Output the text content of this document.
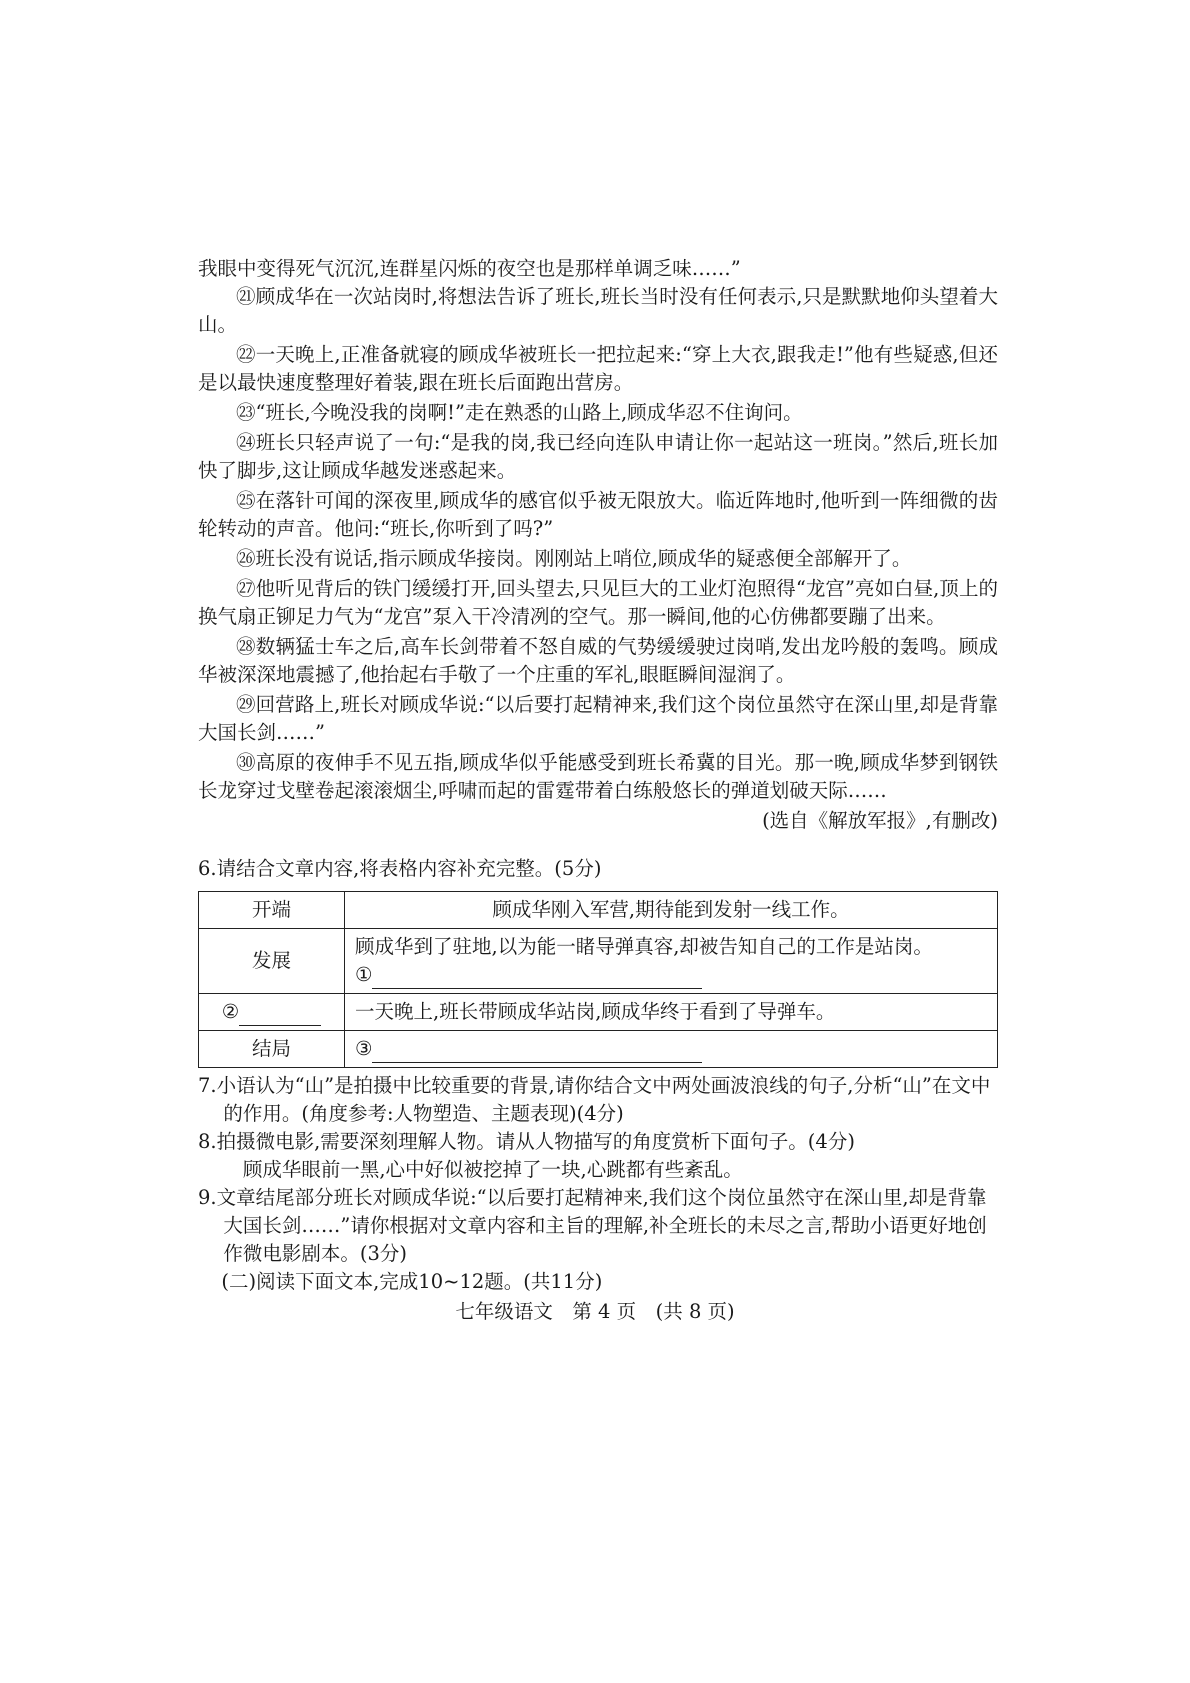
我眼中变得死气沉沉,连群星闪烁的夜空也是那样单调乏味……”

㉑顾成华在一次站岗时,将想法告诉了班长,班长当时没有任何表示,只是默默地仰头望着大山。

㉒一天晚上,正准备就寝的顾成华被班长一把拉起来:“穿上大衣,跟我走!”他有些疑惑,但还是以最快速度整理好着装,跟在班长后面跑出营房。

㉓“班长,今晚没我的岗啊!”走在熟悉的山路上,顾成华忍不住询问。

㉔班长只轻声说了一句:“是我的岗,我已经向连队申请让你一起站这一班岗。”然后,班长加快了脚步,这让顾成华越发迷惑起来。

㉕在落针可闻的深夜里,顾成华的感官似乎被无限放大。临近阵地时,他听到一阵细微的齿轮转动的声音。他问:“班长,你听到了吗?”

㉖班长没有说话,指示顾成华接岗。刚刚站上哨位,顾成华的疑惑便全部解开了。

㉗他听见背后的铁门缓缓打开,回头望去,只见巨大的工业灯泡照得“龙宫”亮如白昼,顶上的换气扇正铆足力气为“龙宫”泵入干冷清冽的空气。那一瞬间,他的心仿佛都要蹦了出来。

㉘数辆猛士车之后,高车长剑带着不怒自威的气势缓缓驶过岗哨,发出龙吟般的轰鸣。顾成华被深深地震撼了,他抬起右手敬了一个庄重的军礼,眼眶瞬间湿润了。

㉙回营路上,班长对顾成华说:“以后要打起精神来,我们这个岗位虽然守在深山里,却是背靠大国长剑……”

㉚高原的夜伸手不见五指,顾成华似乎能感受到班长希冀的目光。那一晚,顾成华梦到钢铁长龙穿过戈壁卷起滚滚烟尘,呼啸而起的雷霆带着白练般悠长的弹道划破天际……

(选自《解放军报》,有删改)

6.请结合文章内容,将表格内容补充完整。(5分)

开端	顾成华刚入军营,期待能到发射一线工作。
发展	顾成华到了驻地,以为能一睹导弹真容,却被告知自己的工作是站岗。
①

②	一天晚上,班长带顾成华站岗,顾成华终于看到了导弹车。
结局	③

7.小语认为“山”是拍摄中比较重要的背景,请你结合文中两处画波浪线的句子,分析“山”在文中的作用。(角度参考:人物塑造、主题表现)(4分)

8.拍摄微电影,需要深刻理解人物。请从人物描写的角度赏析下面句子。(4分)

顾成华眼前一黑,心中好似被挖掉了一块,心跳都有些紊乱。

9.文章结尾部分班长对顾成华说:“以后要打起精神来,我们这个岗位虽然守在深山里,却是背靠大国长剑……”请你根据对文章内容和主旨的理解,补全班长的未尽之言,帮助小语更好地创作微电影剧本。(3分)

(二)阅读下面文本,完成10~12题。(共11分)

七年级语文　第 4 页　(共 8 页)
